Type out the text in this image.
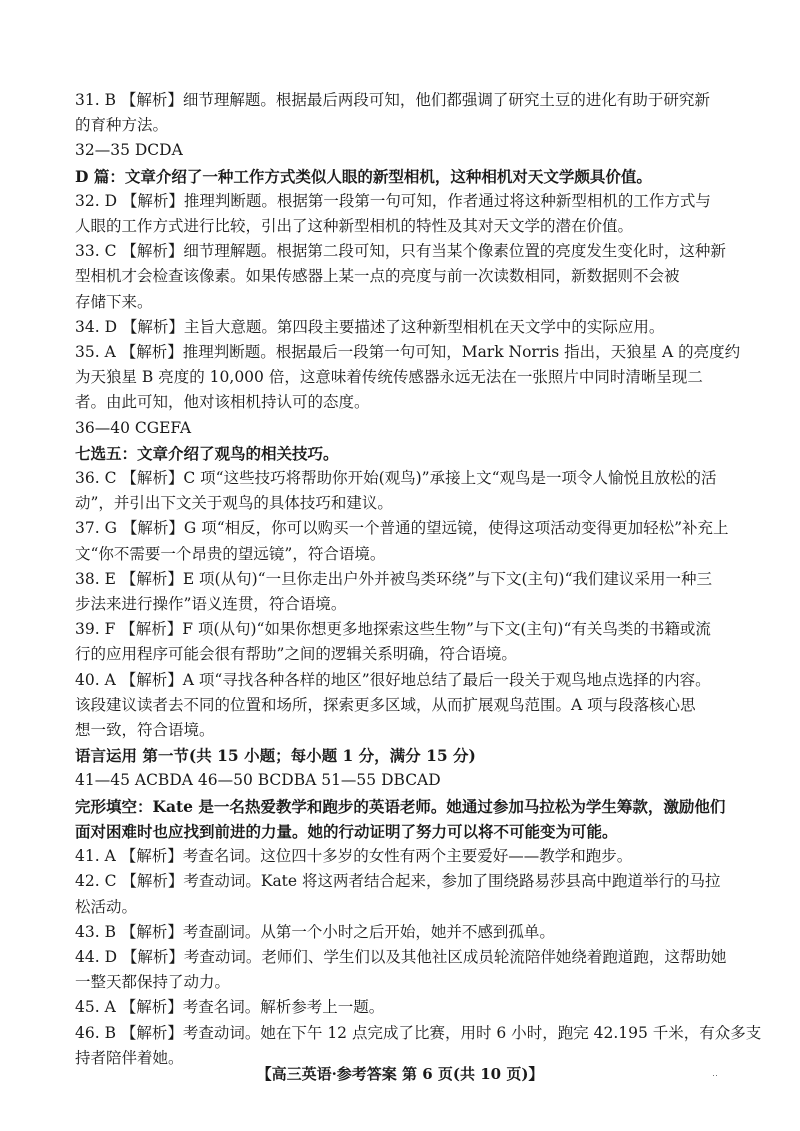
31. B 【解析】细节理解题。根据最后两段可知，他们都强调了研究土豆的进化有助于研究新
的育种方法。
32—35 DCDA
D 篇：文章介绍了一种工作方式类似人眼的新型相机，这种相机对天文学颇具价值。
32. D 【解析】推理判断题。根据第一段第一句可知，作者通过将这种新型相机的工作方式与
人眼的工作方式进行比较，引出了这种新型相机的特性及其对天文学的潜在价值。
33. C 【解析】细节理解题。根据第二段可知，只有当某个像素位置的亮度发生变化时，这种新
型相机才会检查该像素。如果传感器上某一点的亮度与前一次读数相同，新数据则不会被
存储下来。
34. D 【解析】主旨大意题。第四段主要描述了这种新型相机在天文学中的实际应用。
35. A 【解析】推理判断题。根据最后一段第一句可知，Mark Norris 指出，天狼星 A 的亮度约
为天狼星 B 亮度的 10,000 倍，这意味着传统传感器永远无法在一张照片中同时清晰呈现二
者。由此可知，他对该相机持认可的态度。
36—40 CGEFA
七选五：文章介绍了观鸟的相关技巧。
36. C 【解析】C 项“这些技巧将帮助你开始(观鸟)”承接上文“观鸟是一项令人愉悦且放松的活
动”，并引出下文关于观鸟的具体技巧和建议。
37. G 【解析】G 项“相反，你可以购买一个普通的望远镜，使得这项活动变得更加轻松”补充上
文“你不需要一个昂贵的望远镜”，符合语境。
38. E 【解析】E 项(从句)“一旦你走出户外并被鸟类环绕”与下文(主句)“我们建议采用一种三
步法来进行操作”语义连贯，符合语境。
39. F 【解析】F 项(从句)“如果你想更多地探索这些生物”与下文(主句)“有关鸟类的书籍或流
行的应用程序可能会很有帮助”之间的逻辑关系明确，符合语境。
40. A 【解析】A 项“寻找各种各样的地区”很好地总结了最后一段关于观鸟地点选择的内容。
该段建议读者去不同的位置和场所，探索更多区域，从而扩展观鸟范围。A 项与段落核心思
想一致，符合语境。
语言运用 第一节(共 15 小题；每小题 1 分，满分 15 分)
41—45 ACBDA 46—50 BCDBA 51—55 DBCAD
完形填空：Kate 是一名热爱教学和跑步的英语老师。她通过参加马拉松为学生筹款，激励他们
面对困难时也应找到前进的力量。她的行动证明了努力可以将不可能变为可能。
41. A 【解析】考查名词。这位四十多岁的女性有两个主要爱好——教学和跑步。
42. C 【解析】考查动词。Kate 将这两者结合起来，参加了围绕路易莎县高中跑道举行的马拉
松活动。
43. B 【解析】考查副词。从第一个小时之后开始，她并不感到孤单。
44. D 【解析】考查动词。老师们、学生们以及其他社区成员轮流陪伴她绕着跑道跑，这帮助她
一整天都保持了动力。
45. A 【解析】考查名词。解析参考上一题。
46. B 【解析】考查动词。她在下午 12 点完成了比赛，用时 6 小时，跑完 42.195 千米，有众多支
持者陪伴着她。
【高三英语·参考答案 第 6 页(共 10 页)】	··
